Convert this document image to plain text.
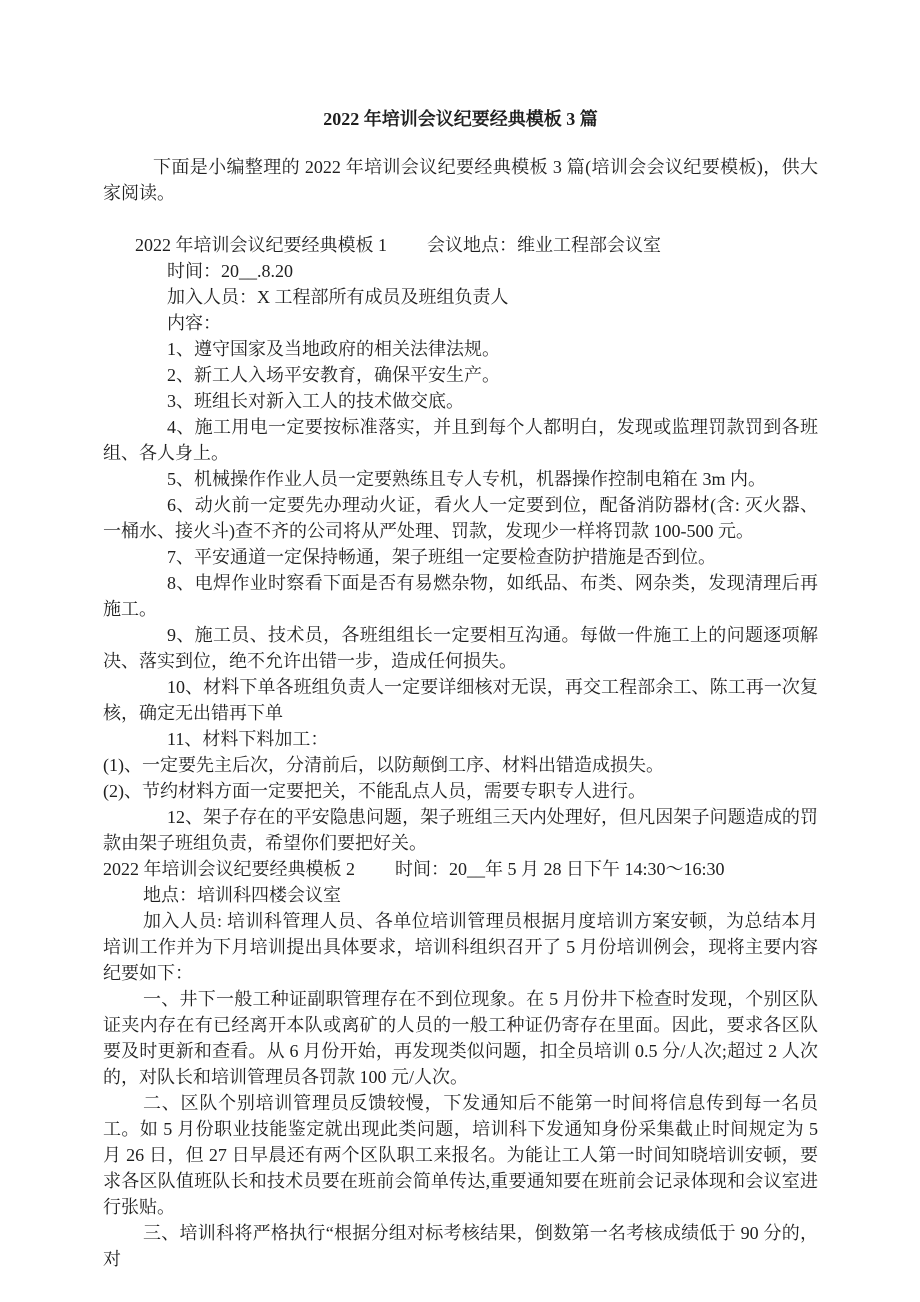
2022 年培训会议纪要经典模板 3 篇

下面是小编整理的 2022 年培训会议纪要经典模板 3 篇(培训会会议纪要模板)，供大家阅读。

2022 年培训会议纪要经典模板 1 会议地点：维业工程部会议室

时间：20__.8.20

加入人员：X 工程部所有成员及班组负责人

内容：

1、遵守国家及当地政府的相关法律法规。

2、新工人入场平安教育，确保平安生产。

3、班组长对新入工人的技术做交底。

4、施工用电一定要按标准落实，并且到每个人都明白，发现或监理罚款罚到各班组、各人身上。

5、机械操作作业人员一定要熟练且专人专机，机器操作控制电箱在 3m 内。

6、动火前一定要先办理动火证，看火人一定要到位，配备消防器材(含: 灭火器、一桶水、接火斗)查不齐的公司将从严处理、罚款，发现少一样将罚款 100-500 元。

7、平安通道一定保持畅通，架子班组一定要检查防护措施是否到位。

8、电焊作业时察看下面是否有易燃杂物，如纸品、布类、网杂类，发现清理后再施工。

9、施工员、技术员，各班组组长一定要相互沟通。每做一件施工上的问题逐项解决、落实到位，绝不允许出错一步，造成任何损失。

10、材料下单各班组负责人一定要详细核对无误，再交工程部余工、陈工再一次复核，确定无出错再下单

11、材料下料加工：

(1)、一定要先主后次，分清前后，以防颠倒工序、材料出错造成损失。

(2)、节约材料方面一定要把关，不能乱点人员，需要专职专人进行。

12、架子存在的平安隐患问题，架子班组三天内处理好，但凡因架子问题造成的罚款由架子班组负责，希望你们要把好关。

2022 年培训会议纪要经典模板 2 时间：20__年 5 月 28 日下午 14:30～16:30

地点：培训科四楼会议室

加入人员: 培训科管理人员、各单位培训管理员根据月度培训方案安顿，为总结本月培训工作并为下月培训提出具体要求，培训科组织召开了 5 月份培训例会，现将主要内容纪要如下：

一、井下一般工种证副职管理存在不到位现象。在 5 月份井下检查时发现，个别区队证夹内存在有已经离开本队或离矿的人员的一般工种证仍寄存在里面。因此，要求各区队要及时更新和查看。从 6 月份开始，再发现类似问题，扣全员培训 0.5 分/人次;超过 2 人次的，对队长和培训管理员各罚款 100 元/人次。

二、区队个别培训管理员反馈较慢，下发通知后不能第一时间将信息传到每一名员工。如 5 月份职业技能鉴定就出现此类问题，培训科下发通知身份采集截止时间规定为 5 月 26 日，但 27 日早晨还有两个区队职工来报名。为能让工人第一时间知晓培训安顿，要求各区队值班队长和技术员要在班前会简单传达,重要通知要在班前会记录体现和会议室进行张贴。

三、培训科将严格执行“根据分组对标考核结果，倒数第一名考核成绩低于 90 分的，对
